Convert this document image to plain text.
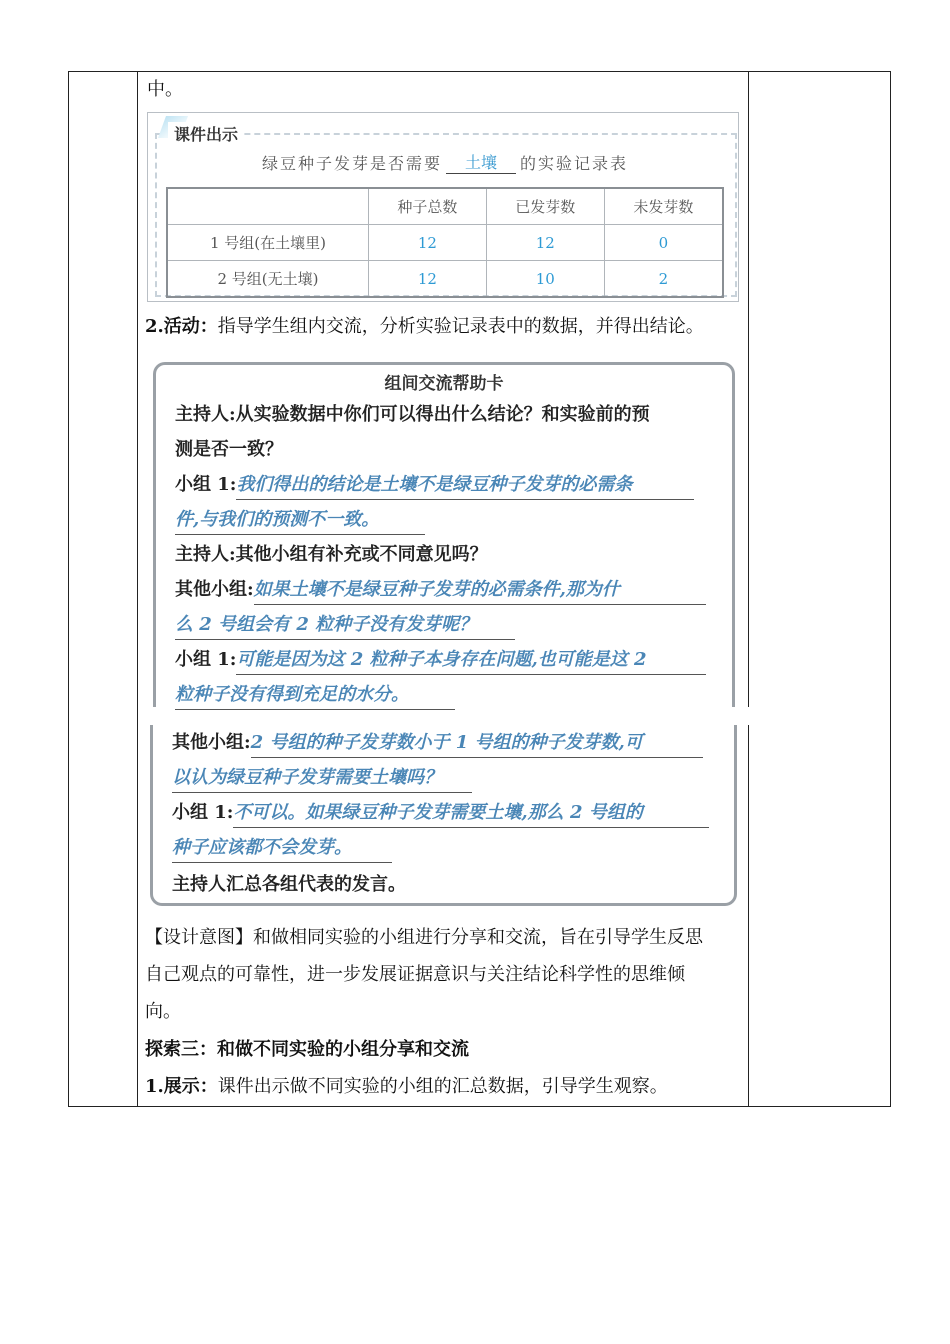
中。
课件出示
绿豆种子发芽是否需要	的实验记录表
土壤
	种子总数	已发芽数	未发芽数
1 号组(在土壤里)	12	12	0
2 号组(无土壤)	12	10	2
2.活动：指导学生组内交流，分析实验记录表中的数据，并得出结论。
组间交流帮助卡
主持人:从实验数据中你们可以得出什么结论？和实验前的预
测是否一致？
小组 1:我们得出的结论是土壤不是绿豆种子发芽的必需条
件,与我们的预测不一致。
主持人:其他小组有补充或不同意见吗？
其他小组:如果土壤不是绿豆种子发芽的必需条件,那为什
么 2 号组会有 2 粒种子没有发芽呢？
小组 1:可能是因为这 2 粒种子本身存在问题,也可能是这 2
粒种子没有得到充足的水分。
其他小组:2 号组的种子发芽数小于 1 号组的种子发芽数,可
以认为绿豆种子发芽需要土壤吗？
小组 1:不可以。如果绿豆种子发芽需要土壤,那么 2 号组的
种子应该都不会发芽。
主持人汇总各组代表的发言。
【设计意图】和做相同实验的小组进行分享和交流，旨在引导学生反思
自己观点的可靠性，进一步发展证据意识与关注结论科学性的思维倾
向。
探索三：和做不同实验的小组分享和交流
1.展示：课件出示做不同实验的小组的汇总数据，引导学生观察。
